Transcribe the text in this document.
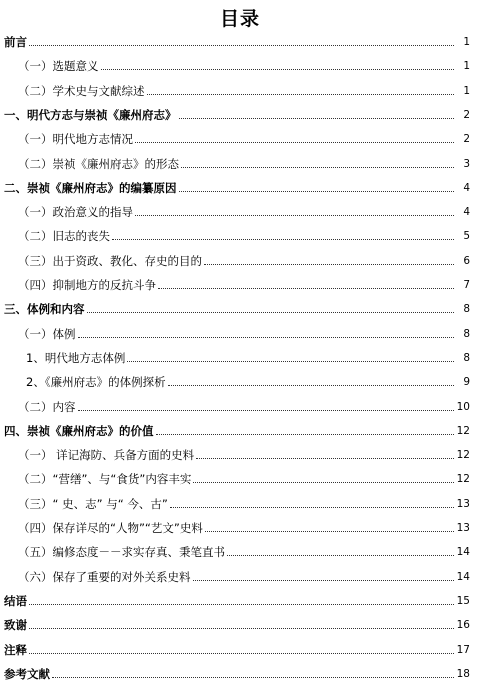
目录
前言	1
（一）选题意义	1
（二）学术史与文献综述	1
一、明代方志与崇祯《廉州府志》	2
（一）明代地方志情况	2
（二）崇祯《廉州府志》的形态	3
二、崇祯《廉州府志》的编纂原因	4
（一）政治意义的指导	4
（二）旧志的丧失	5
（三）出于资政、教化、存史的目的	6
（四）抑制地方的反抗斗争	7
三、体例和内容	8
（一）体例	8
1、明代地方志体例	8
2、《廉州府志》的体例探析	9
（二）内容	10
四、崇祯《廉州府志》的价值	12
（一） 详记海防、兵备方面的史料	12
（二）“营缮”、与“食货”内容丰实	12
（三）“ 史、志” 与“ 今、古”	13
（四）保存详尽的“人物”“艺文”史料	13
（五）编修态度－－求实存真、秉笔直书	14
（六）保存了重要的对外关系史料	14
结语	15
致谢	16
注释	17
参考文献	18
